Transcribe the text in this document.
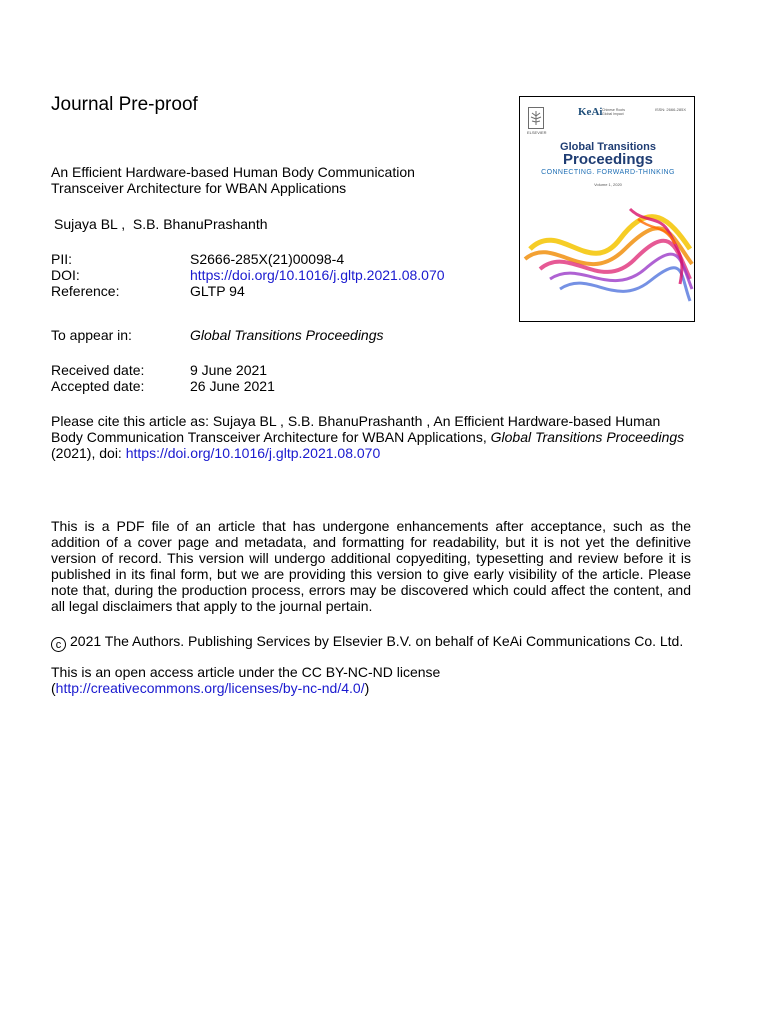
Journal Pre-proof
An Efficient Hardware-based Human Body Communication
Transceiver Architecture for WBAN Applications
Sujaya BL ,  S.B. BhanuPrashanth
PII:	S2666-285X(21)00098-4
DOI:	https://doi.org/10.1016/j.gltp.2021.08.070
Reference:	GLTP 94
To appear in:	Global Transitions Proceedings
Received date:	9 June 2021
Accepted date:	26 June 2021
Please cite this article as: Sujaya BL , S.B. BhanuPrashanth , An Efficient Hardware-based Human Body Communication Transceiver Architecture for WBAN Applications, Global Transitions Proceedings (2021), doi: https://doi.org/10.1016/j.gltp.2021.08.070
This is a PDF file of an article that has undergone enhancements after acceptance, such as the addition of a cover page and metadata, and formatting for readability, but it is not yet the definitive version of record. This version will undergo additional copyediting, typesetting and review before it is published in its final form, but we are providing this version to give early visibility of the article. Please note that, during the production process, errors may be discovered which could affect the content, and all legal disclaimers that apply to the journal pertain.
c 2021 The Authors. Publishing Services by Elsevier B.V. on behalf of KeAi Communications Co. Ltd.
This is an open access article under the CC BY-NC-ND license
(http://creativecommons.org/licenses/by-nc-nd/4.0/)
ELSEVIER
KeAi Chinese Roots Global Impact
ISSN: 2666-285X
Global Transitions
Proceedings
CONNECTING. FORWARD-THINKING
Volume 1, 2020
